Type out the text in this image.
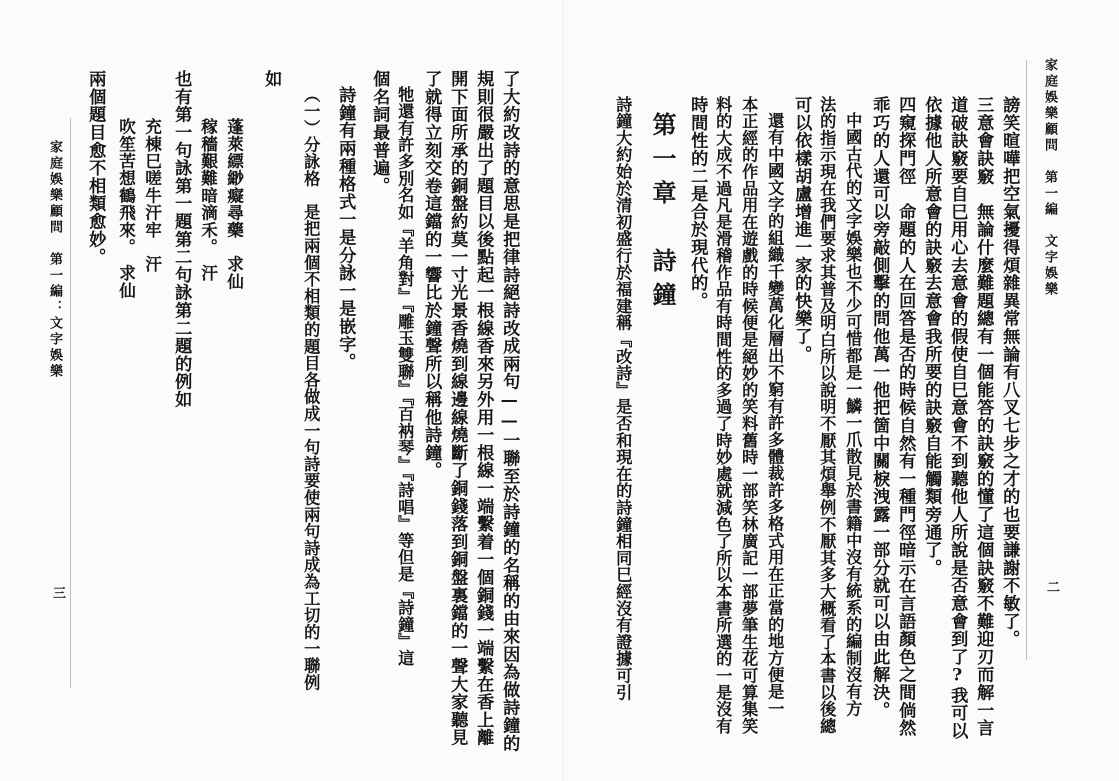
家庭娛樂顧問　第一編　文字娛樂
二
謗笑暄嘩把空氣擾得煩雜異常無論有八叉七步之才的也要謙謝不敏了。
三意會訣竅　無論什麼難題總有一個能答的訣竅的懂了這個訣竅不難迎刃而解一言
道破訣竅要自巳用心去意會的假使自巳意會不到聽他人所說是否意會到了?我可以
依據他人所意會的訣竅去意會我所要的訣竅自能觸類旁通了。
四窺探門徑　命題的人在回答是否的時候自然有一種門徑暗示在言語顏色之間倘然
乖巧的人還可以旁敲側擊的問他萬一他把箇中關棙洩露一部分就可以由此解決。
中國古代的文字娛樂也不少可惜都是一鱗一爪散見於書籍中沒有統系的編制沒有方
法的指示現在我們要求其普及明白所以說明不厭其煩舉例不厭其多大概看了本書以後總
可以依樣胡盧增進一家的快樂了。
還有中國文字的組織千變萬化層出不窮有許多體裁許多格式用在正當的地方便是一
本正經的作品用在遊戲的時候便是絕妙的笑料舊時一部笑林廣記一部夢筆生花可算集笑
料的大成不過凡是滑稽作品有時間性的多過了時妙處就減色了所以本書所選的一是沒有
時間性的二是合於現代的。
第一章　詩鐘
詩鐘大約始於清初盛行於福建稱『改詩』是否和現在的詩鐘相同巳經沒有證據可引
了大約改詩的意思是把律詩絕詩改成兩句——一聯至於詩鐘的名稱的由來因為做詩鐘的
規則很嚴出了題目以後點起一根線香來另外用一根線一端繫着一個銅錢一端繫在香上離
開下面所承的銅盤約莫一寸光景香燒到線邊線燒斷了銅錢落到銅盤裏鐺的一聲大家聽見
了就得立刻交卷這鐺的一響比於鐘聲所以稱他詩鐘。
牠還有許多別名如『羊角對』『雕玉雙聯』『百衲琴』『詩唱』等但是『詩鐘』這
個名詞最普遍。
詩鐘有兩種格式一是分詠一是嵌字。
（一）分詠格　是把兩個不相類的題目各做成一句詩要使兩句詩成為工切的一聯例
如
蓬萊縹緲癡尋藥　求仙
稼穡艱難暗滴禾。　汗
也有第一句詠第一題第二句詠第二題的例如
充棟巳嗟牛汗牢　汗
吹笙苦想鶴飛來。　求仙
兩個題目愈不相類愈妙。
家庭娛樂顧問　第一編：文字娛樂
三
